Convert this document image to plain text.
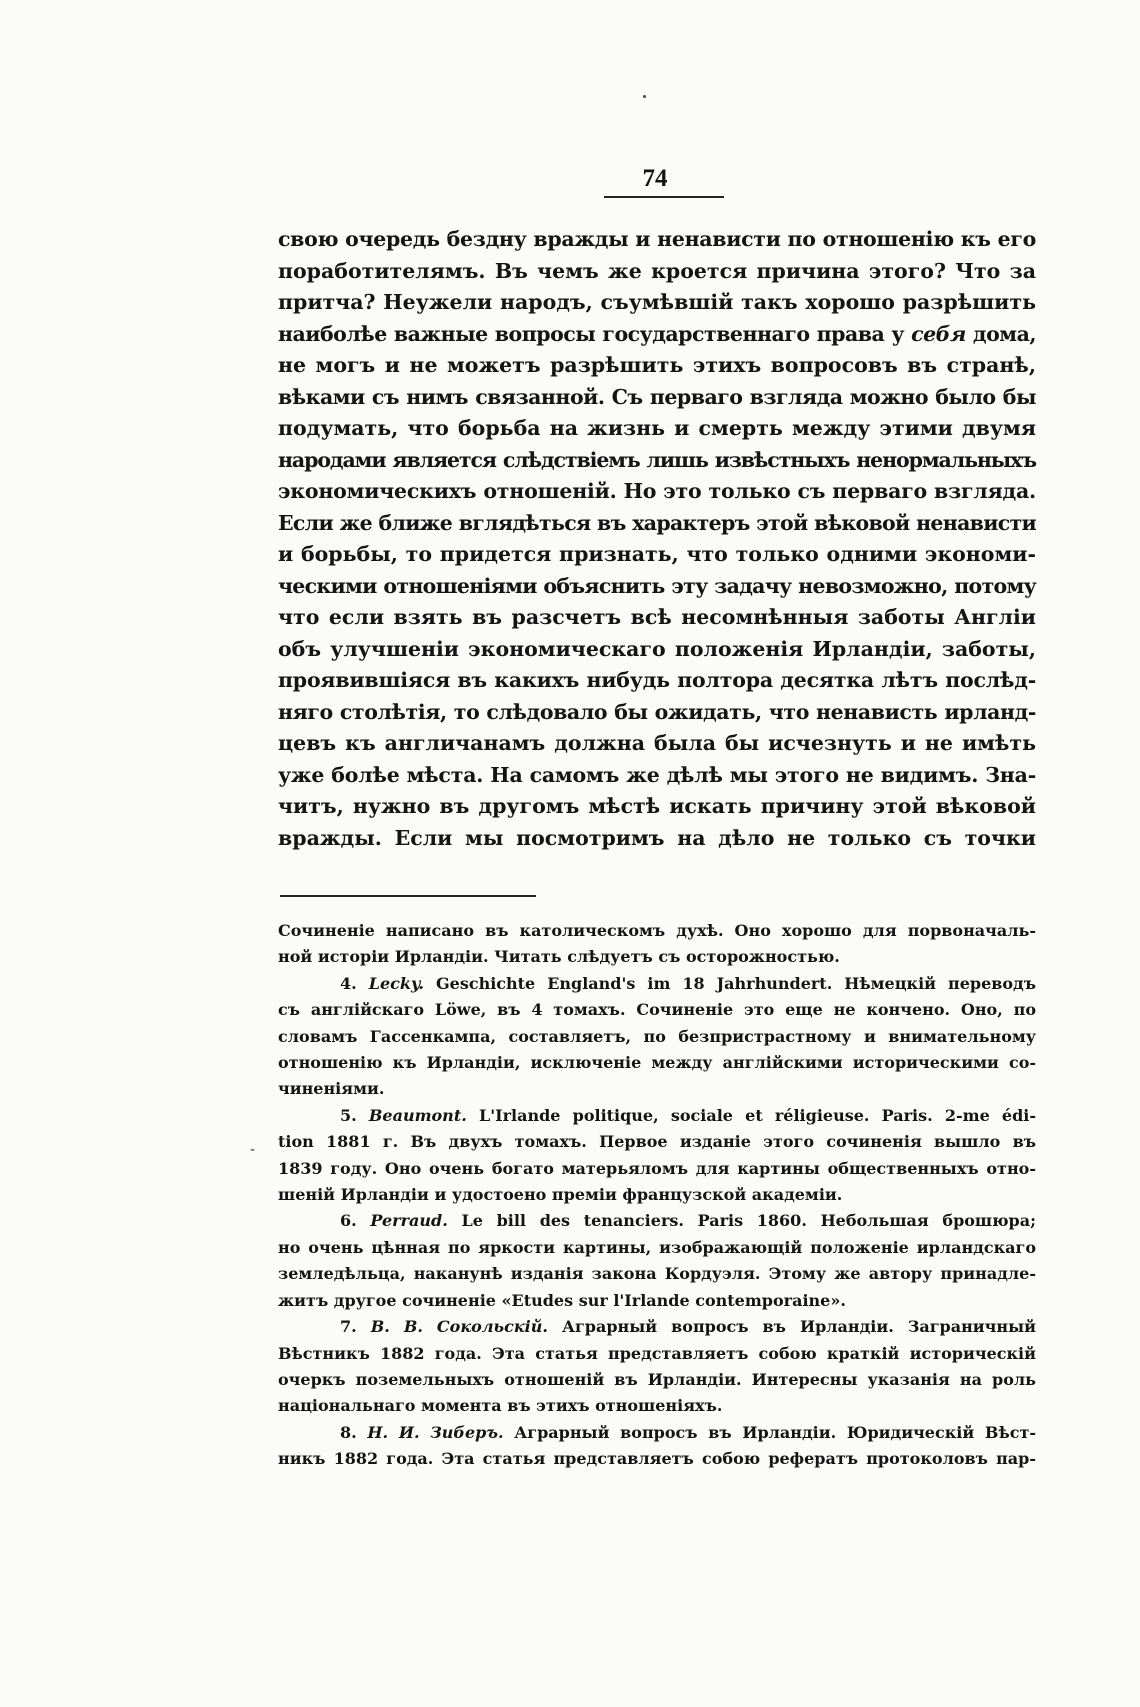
74
свою очередь бездну вражды и ненависти по отношенію къ его
поработителямъ. Въ чемъ же кроется причина этого? Что за
притча? Неужели народъ, съумѣвшій такъ хорошо разрѣшить
наиболѣе важные вопросы государственнаго права у себя дома,
не могъ и не можетъ разрѣшить этихъ вопросовъ въ странѣ,
вѣками съ нимъ связанной. Съ перваго взгляда можно было бы
подумать, что борьба на жизнь и смерть между этими двумя
народами является слѣдствіемъ лишь извѣстныхъ ненормальныхъ
экономическихъ отношеній. Но это только съ перваго взгляда.
Если же ближе вглядѣться въ характеръ этой вѣковой ненависти
и борьбы, то придется признать, что только одними экономи-
ческими отношеніями объяснить эту задачу невозможно, потому
что если взять въ разсчетъ всѣ несомнѣнныя заботы Англіи
объ улучшеніи экономическаго положенія Ирландіи, заботы,
проявившіяся въ какихъ нибудь полтора десятка лѣтъ послѣд-
няго столѣтія, то слѣдовало бы ожидать, что ненависть ирланд-
цевъ къ англичанамъ должна была бы исчезнуть и не имѣть
уже болѣе мѣста. На самомъ же дѣлѣ мы этого не видимъ. Зна-
читъ, нужно въ другомъ мѣстѣ искать причину этой вѣковой
вражды. Если мы посмотримъ на дѣло не только съ точки
-
Сочиненіе написано въ католическомъ духѣ. Оно хорошо для порвоначаль-
ной исторіи Ирландіи. Читать слѣдуетъ съ осторожностью.
4. Lecky. Geschichte England's im 18 Jahrhundert. Нѣмецкій переводъ
съ англійскаго Löwe, въ 4 томахъ. Сочиненіе это еще не кончено. Оно, по
словамъ Гассенкампа, составляетъ, по безпристрастному и внимательному
отношенію къ Ирландіи, исключеніе между англійскими историческими со-
чиненіями.
5. Beaumont. L'Irlande politique, sociale et réligieuse. Paris. 2-me édi-
tion 1881 г. Въ двухъ томахъ. Первое изданіе этого сочиненія вышло въ
1839 году. Оно очень богато матерьяломъ для картины общественныхъ отно-
шеній Ирландіи и удостоено преміи французской академіи.
6. Perraud. Le bill des tenanciers. Paris 1860. Небольшая брошюра;
но очень цѣнная по яркости картины, изображающій положеніе ирландскаго
земледѣльца, наканунѣ изданія закона Кордуэля. Этому же автору принадле-
житъ другое сочиненіе «Etudes sur l'Irlande contemporaine».
7. В. В. Сокольскій. Аграрный вопросъ въ Ирландіи. Заграничный
Вѣстникъ 1882 года. Эта статья представляетъ собою краткій историческій
очеркъ поземельныхъ отношеній въ Ирландіи. Интересны указанія на роль
національнаго момента въ этихъ отношеніяхъ.
8. Н. И. Зиберъ. Аграрный вопросъ въ Ирландіи. Юридическій Вѣст-
никъ 1882 года. Эта статья представляетъ собою рефератъ протоколовъ пар-
